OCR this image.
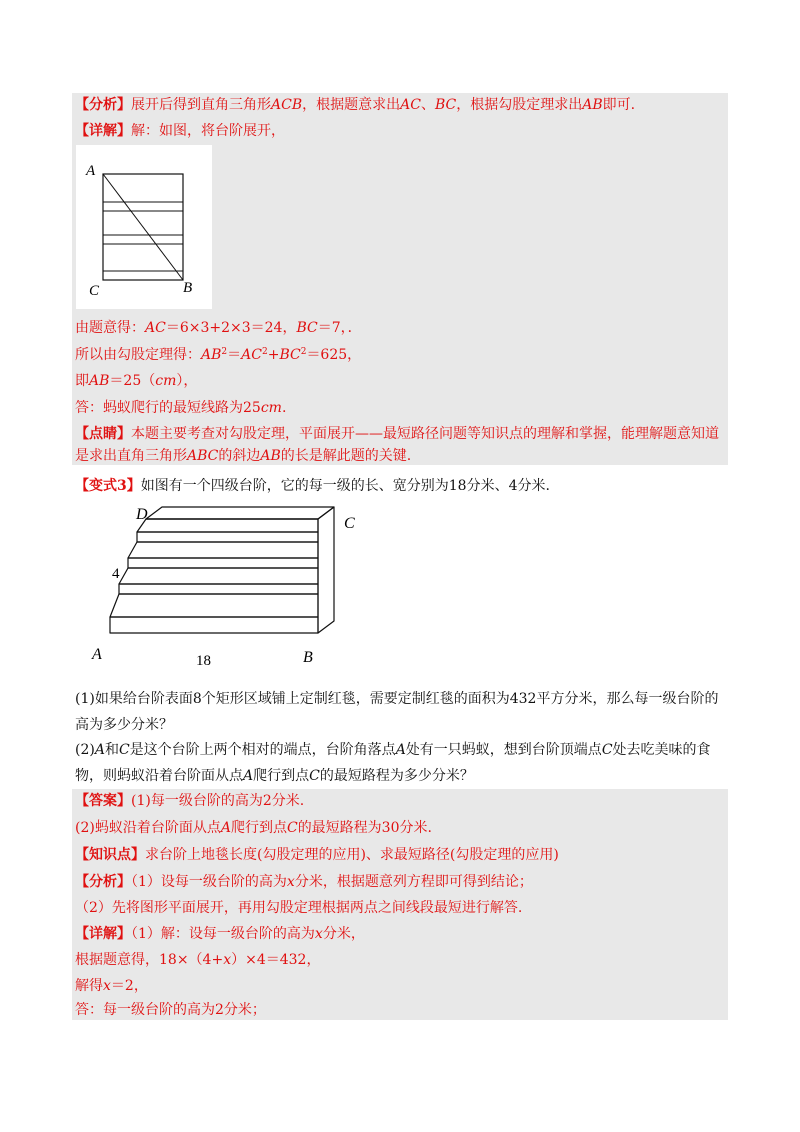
【分析】展开后得到直角三角形ACB，根据题意求出AC、BC，根据勾股定理求出AB即可.
【详解】解：如图，将台阶展开，
A
C	B
由题意得：AC＝6×3+2×3＝24，BC＝7，．
所以由勾股定理得：$AB^2=AC^2+BC^2=625$，
即AB＝25（cm），
答：蚂蚁爬行的最短线路为25cm.
【点睛】本题主要考查对勾股定理，平面展开——最短路径问题等知识点的理解和掌握，能理解题意知道
是求出直角三角形ABC的斜边AB的长是解此题的关键.
【变式3】如图有一个四级台阶，它的每一级的长、宽分别为18分米、4分米.
D
C
4
A	18	B
(1)如果给台阶表面8个矩形区域铺上定制红毯，需要定制红毯的面积为432平方分米，那么每一级台阶的高为多少分米？
(2)A和C是这个台阶上两个相对的端点，台阶角落点A处有一只蚂蚁，想到台阶顶端点C处去吃美味的食物，则蚂蚁沿着台阶面从点A爬行到点C的最短路程为多少分米？
【答案】(1)每一级台阶的高为2分米.
(2)蚂蚁沿着台阶面从点A爬行到点C的最短路程为30分米.
【知识点】求台阶上地毯长度(勾股定理的应用)、求最短路径(勾股定理的应用)
【分析】（1）设每一级台阶的高为x分米，根据题意列方程即可得到结论；
（2）先将图形平面展开，再用勾股定理根据两点之间线段最短进行解答.
【详解】（1）解：设每一级台阶的高为x分米，
根据题意得，18×（4+x）×4＝432，
解得x＝2，
答：每一级台阶的高为2分米；
